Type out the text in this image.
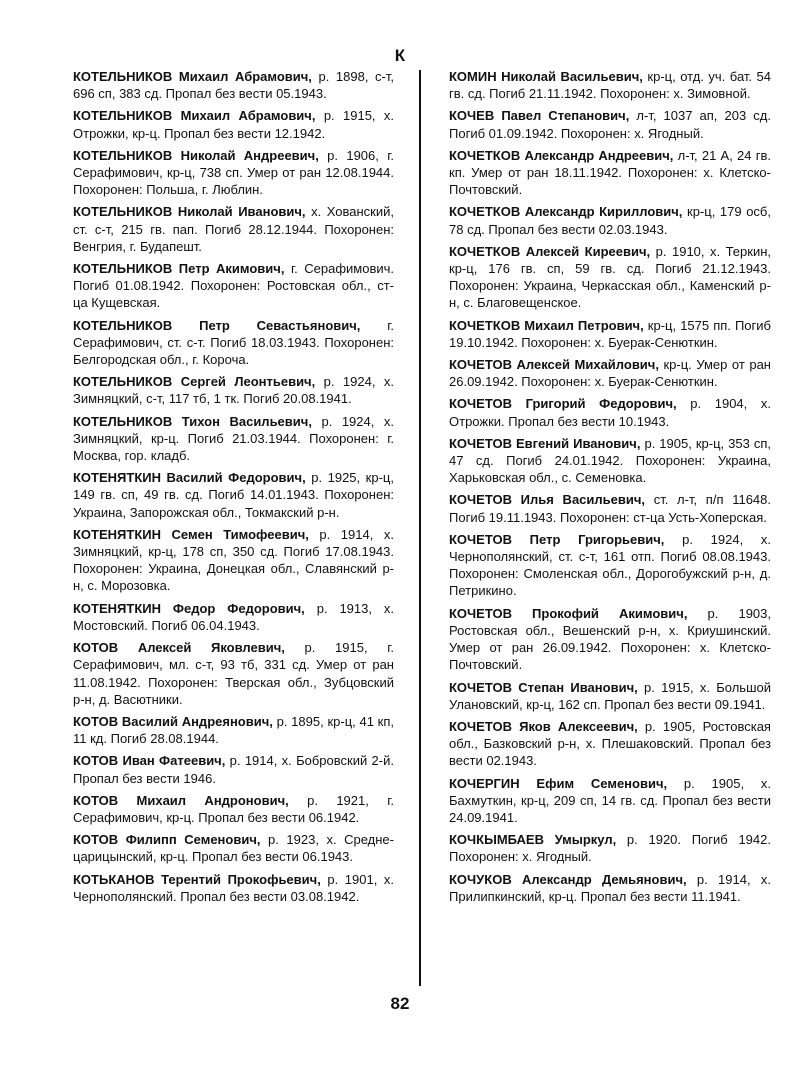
К

КОТЕЛЬНИКОВ Михаил Абрамович, р. 1898, с-т, 696 сп, 383 сд. Пропал без вести 05.1943.

КОТЕЛЬНИКОВ Михаил Абрамович, р. 1915, х. Отрожки, кр-ц. Пропал без вести 12.1942.

КОТЕЛЬНИКОВ Николай Андреевич, р. 1906, г. Серафимович, кр-ц, 738 сп. Умер от ран 12.08.1944. Похоронен: Польша, г. Люблин.

КОТЕЛЬНИКОВ Николай Иванович, х. Хованский, ст. с-т, 215 гв. пап. Погиб 28.12.1944. Похоронен: Венгрия, г. Будапешт.

КОТЕЛЬНИКОВ Петр Акимович, г. Серафимович. Погиб 01.08.1942. Похоронен: Ростовская обл., ст-ца Кущевская.

КОТЕЛЬНИКОВ Петр Севастьянович, г. Серафимович, ст. с-т. Погиб 18.03.1943. Похоронен: Белгородская обл., г. Короча.

КОТЕЛЬНИКОВ Сергей Леонтьевич, р. 1924, х. Зимняцкий, с-т, 117 тб, 1 тк. Погиб 20.08.1941.

КОТЕЛЬНИКОВ Тихон Васильевич, р. 1924, х. Зимняцкий, кр-ц. Погиб 21.03.1944. Похоронен: г. Москва, гор. кладб.

КОТЕНЯТКИН Василий Федорович, р. 1925, кр-ц, 149 гв. сп, 49 гв. сд. Погиб 14.01.1943. Похоронен: Украина, Запорожская обл., Токмакский р-н.

КОТЕНЯТКИН Семен Тимофеевич, р. 1914, х. Зимняцкий, кр-ц, 178 сп, 350 сд. Погиб 17.08.1943. Похоронен: Украина, Донецкая обл., Славянский р-н, с. Морозовка.

КОТЕНЯТКИН Федор Федорович, р. 1913, х. Мостовский. Погиб 06.04.1943.

КОТОВ Алексей Яковлевич, р. 1915, г. Серафимович, мл. с-т, 93 тб, 331 сд. Умер от ран 11.08.1942. Похоронен: Тверская обл., Зубцовский р-н, д. Васютники.

КОТОВ Василий Андреянович, р. 1895, кр-ц, 41 кп, 11 кд. Погиб 28.08.1944.

КОТОВ Иван Фатеевич, р. 1914, х. Бобровский 2-й. Пропал без вести 1946.

КОТОВ Михаил Андронович, р. 1921, г. Серафимович, кр-ц. Пропал без вести 06.1942.

КОТОВ Филипп Семенович, р. 1923, х. Среднецарицынский, кр-ц. Пропал без вести 06.1943.

КОТЬКАНОВ Терентий Прокофьевич, р. 1901, х. Чернополянский. Пропал без вести 03.08.1942.

КОМИН Николай Васильевич, кр-ц, отд. уч. бат. 54 гв. сд. Погиб 21.11.1942. Похоронен: х. Зимовной.

КОЧЕВ Павел Степанович, л-т, 1037 ап, 203 сд. Погиб 01.09.1942. Похоронен: х. Ягодный.

КОЧЕТКОВ Александр Андреевич, л-т, 21 А, 24 гв. кп. Умер от ран 18.11.1942. Похоронен: х. Клетско-Почтовский.

КОЧЕТКОВ Александр Кириллович, кр-ц, 179 осб, 78 сд. Пропал без вести 02.03.1943.

КОЧЕТКОВ Алексей Киреевич, р. 1910, х. Теркин, кр-ц, 176 гв. сп, 59 гв. сд. Погиб 21.12.1943. Похоронен: Украина, Черкасская обл., Каменский р-н, с. Благовещенское.

КОЧЕТКОВ Михаил Петрович, кр-ц, 1575 пп. Погиб 19.10.1942. Похоронен: х. Буерак-Сенюткин.

КОЧЕТОВ Алексей Михайлович, кр-ц. Умер от ран 26.09.1942. Похоронен: х. Буерак-Сенюткин.

КОЧЕТОВ Григорий Федорович, р. 1904, х. Отрожки. Пропал без вести 10.1943.

КОЧЕТОВ Евгений Иванович, р. 1905, кр-ц, 353 сп, 47 сд. Погиб 24.01.1942. Похоронен: Украина, Харьковская обл., с. Семеновка.

КОЧЕТОВ Илья Васильевич, ст. л-т, п/п 11648. Погиб 19.11.1943. Похоронен: ст-ца Усть-Хоперская.

КОЧЕТОВ Петр Григорьевич, р. 1924, х. Чернополянский, ст. с-т, 161 отп. Погиб 08.08.1943. Похоронен: Смоленская обл., Дорогобужский р-н, д. Петрикино.

КОЧЕТОВ Прокофий Акимович, р. 1903, Ростовская обл., Вешенский р-н, х. Криушинский. Умер от ран 26.09.1942. Похоронен: х. Клетско-Почтовский.

КОЧЕТОВ Степан Иванович, р. 1915, х. Большой Улановский, кр-ц, 162 сп. Пропал без вести 09.1941.

КОЧЕТОВ Яков Алексеевич, р. 1905, Ростовская обл., Базковский р-н, х. Плешаковский. Пропал без вести 02.1943.

КОЧЕРГИН Ефим Семенович, р. 1905, х. Бахмуткин, кр-ц, 209 сп, 14 гв. сд. Пропал без вести 24.09.1941.

КОЧКЫМБАЕВ Умыркул, р. 1920. Погиб 1942. Похоронен: х. Ягодный.

КОЧУКОВ Александр Демьянович, р. 1914, х. Прилипкинский, кр-ц. Пропал без вести 11.1941.

82
